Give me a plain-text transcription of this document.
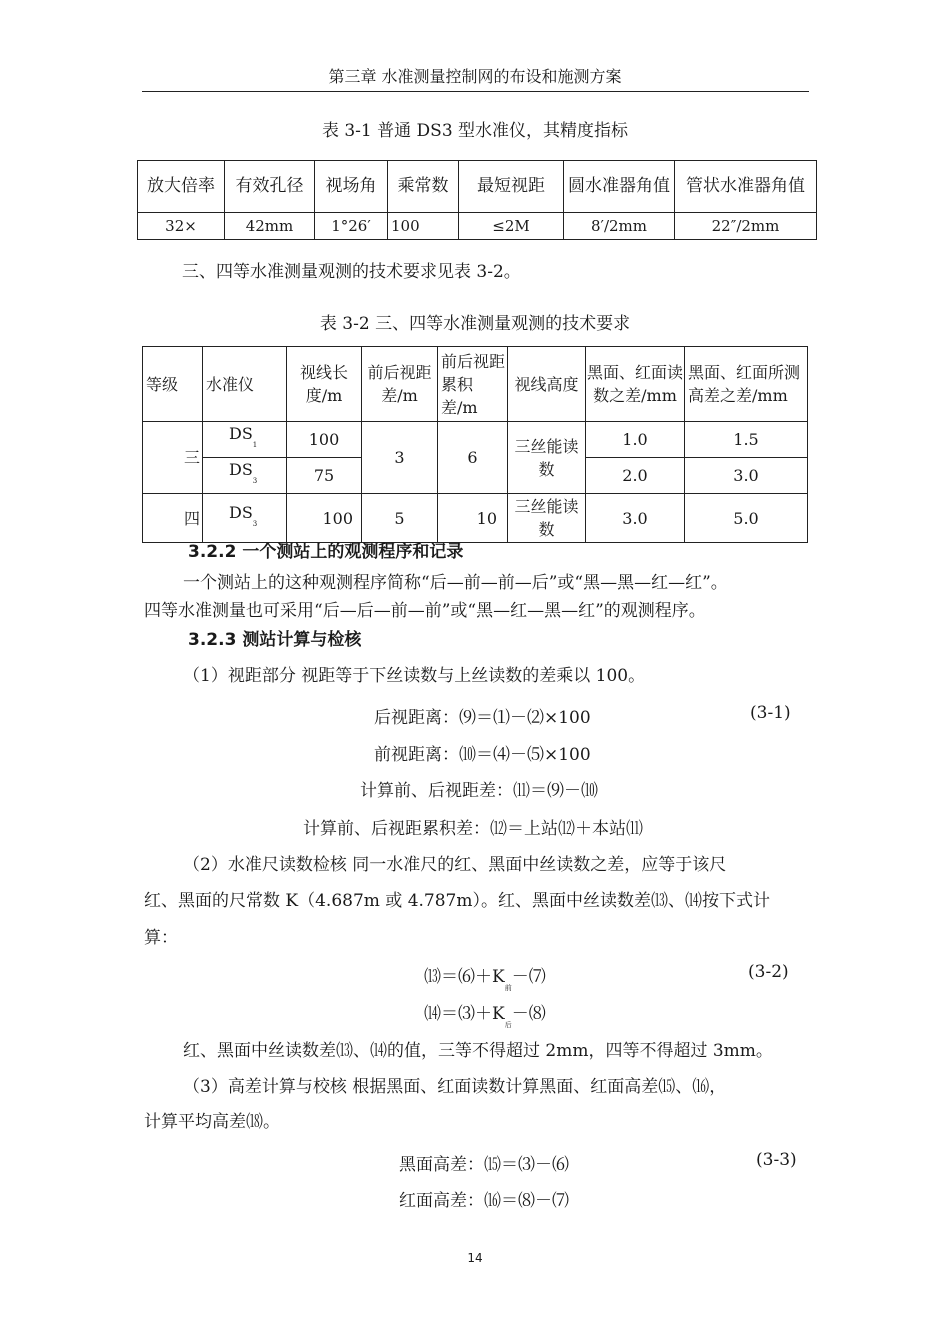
第三章 水准测量控制网的布设和施测方案
表 3-1 普通 DS3 型水准仪，其精度指标
放大倍率	有效孔径	视场角	乘常数	最短视距	圆水准器角值	管状水准器角值
32×	42mm	1°26′	100	≤2M	8′/2mm	22″/2mm
三、四等水准测量观测的技术要求见表 3-2。
表 3-2 三、四等水准测量观测的技术要求
等级	水准仪	视线长度/m	前后视距差/m	前后视距累积差/m	视线高度	黑面、红面读数之差/mm	黑面、红面所测高差之差/mm
三	$DS_1$	100	3	6	三丝能读数	1.0	1.5
	$DS_3$	75				2.0	3.0
四	$DS_3$	100	5	10	三丝能读数	3.0	5.0
3.2.2 一个测站上的观测程序和记录
一个测站上的这种观测程序简称“后—前—前—后”或“黑—黑—红—红”。
四等水准测量也可采用“后—后—前—前”或“黑—红—黑—红”的观测程序。
3.2.3 测站计算与检核
（1）视距部分 视距等于下丝读数与上丝读数的差乘以 100。
后视距离：⑼＝⑴－⑵×100	(3-1)
前视距离：⑽＝⑷－⑸×100
计算前、后视距差：⑾＝⑼－⑽
计算前、后视距累积差：⑿＝上站⑿＋本站⑾
（2）水准尺读数检核 同一水准尺的红、黑面中丝读数之差，应等于该尺
红、黑面的尺常数 K（4.687m 或 4.787m）。红、黑面中丝读数差⒀、⒁按下式计
算：
$⒀=⑹+K_前-⑺$	(3-2)
$⒁=⑶+K_后-⑻$
红、黑面中丝读数差⒀、⒁的值，三等不得超过 2mm，四等不得超过 3mm。
（3）高差计算与校核 根据黑面、红面读数计算黑面、红面高差⒂、⒃，
计算平均高差⒅。
黑面高差：⒂＝⑶－⑹	(3-3)
红面高差：⒃＝⑻－⑺
14
